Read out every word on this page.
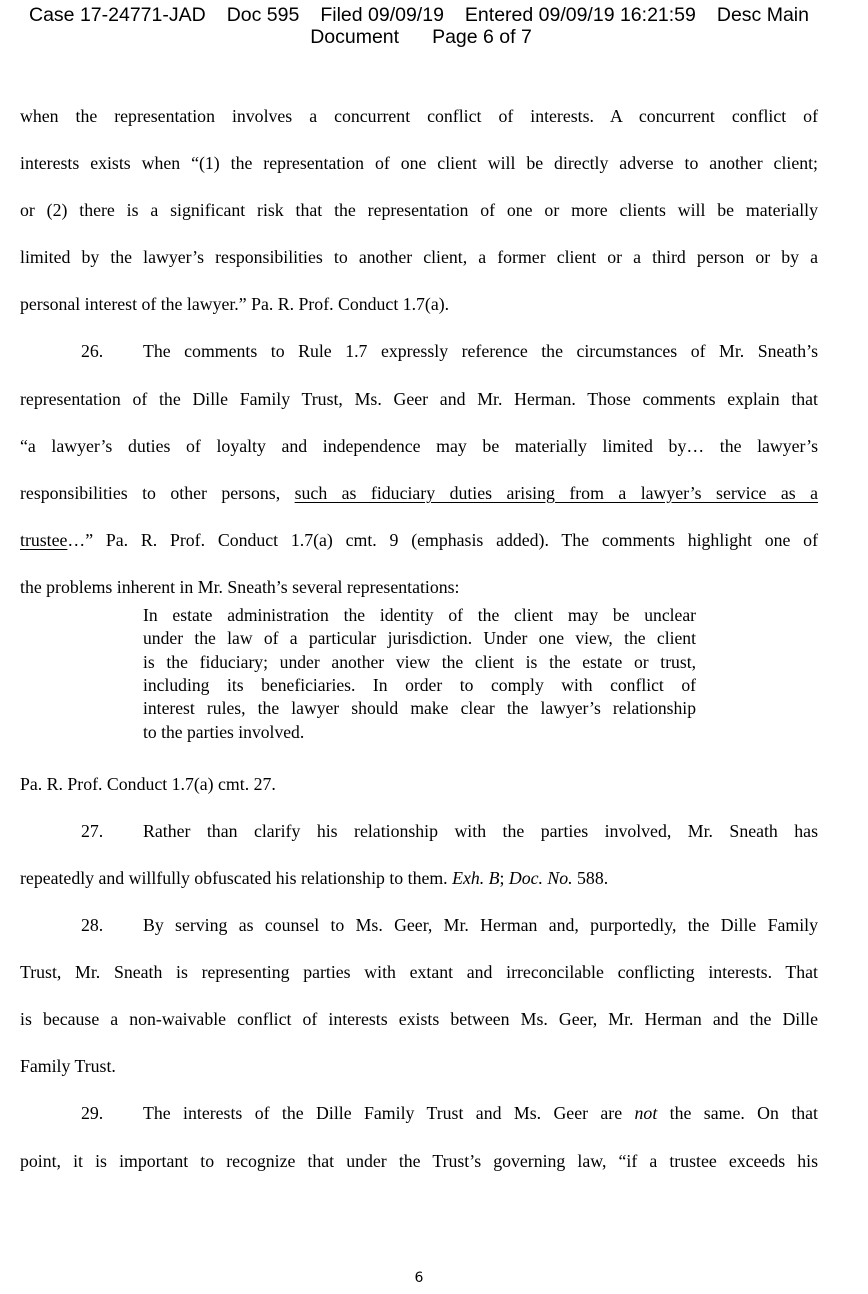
Case 17-24771-JAD Doc 595 Filed 09/09/19 Entered 09/09/19 16:21:59 Desc Main
Document Page 6 of 7
when the representation involves a concurrent conflict of interests. A concurrent conflict of
interests exists when “(1) the representation of one client will be directly adverse to another client;
or (2) there is a significant risk that the representation of one or more clients will be materially
limited by the lawyer’s responsibilities to another client, a former client or a third person or by a
personal interest of the lawyer.” Pa. R. Prof. Conduct 1.7(a).
26. The comments to Rule 1.7 expressly reference the circumstances of Mr. Sneath’s
representation of the Dille Family Trust, Ms. Geer and Mr. Herman. Those comments explain that
“a lawyer’s duties of loyalty and independence may be materially limited by… the lawyer’s
responsibilities to other persons, such as fiduciary duties arising from a lawyer’s service as a
trustee…” Pa. R. Prof. Conduct 1.7(a) cmt. 9 (emphasis added). The comments highlight one of
the problems inherent in Mr. Sneath’s several representations:
In estate administration the identity of the client may be unclear
under the law of a particular jurisdiction. Under one view, the client
is the fiduciary; under another view the client is the estate or trust,
including its beneficiaries. In order to comply with conflict of
interest rules, the lawyer should make clear the lawyer’s relationship
to the parties involved.
Pa. R. Prof. Conduct 1.7(a) cmt. 27.
27. Rather than clarify his relationship with the parties involved, Mr. Sneath has
repeatedly and willfully obfuscated his relationship to them. Exh. B; Doc. No. 588.
28. By serving as counsel to Ms. Geer, Mr. Herman and, purportedly, the Dille Family
Trust, Mr. Sneath is representing parties with extant and irreconcilable conflicting interests. That
is because a non-waivable conflict of interests exists between Ms. Geer, Mr. Herman and the Dille
Family Trust.
29. The interests of the Dille Family Trust and Ms. Geer are not the same. On that
point, it is important to recognize that under the Trust’s governing law, “if a trustee exceeds his
6
